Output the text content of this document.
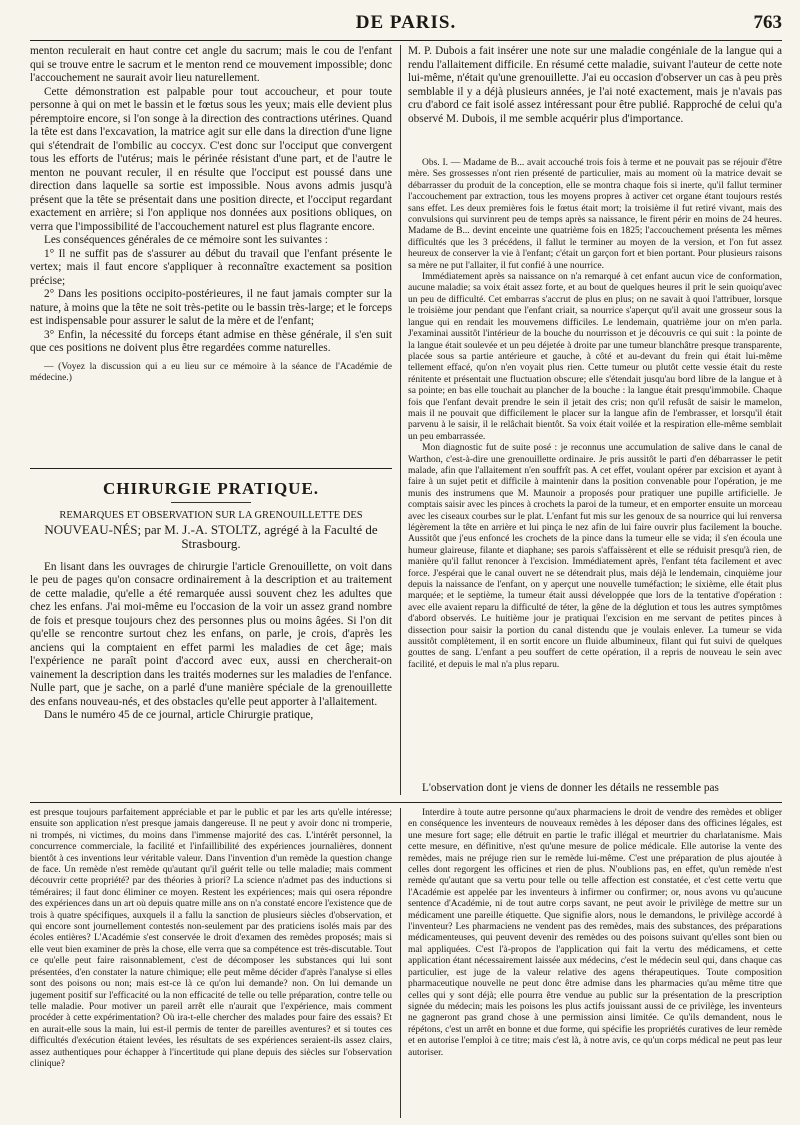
DE PARIS.	763

menton reculerait en haut contre cet angle du sacrum; mais le cou de l'enfant qui se trouve entre le sacrum et le menton rend ce mouvement impossible; donc l'accouchement ne saurait avoir lieu naturellement.

Cette démonstration est palpable pour tout accoucheur, et pour toute personne à qui on met le bassin et le fœtus sous les yeux; mais elle devient plus péremptoire encore, si l'on songe à la direction des contractions utérines. Quand la tête est dans l'excavation, la matrice agit sur elle dans la direction d'une ligne qui s'étendrait de l'ombilic au coccyx. C'est donc sur l'occiput que convergent tous les efforts de l'utérus; mais le périnée résistant d'une part, et de l'autre le menton ne pouvant reculer, il en résulte que l'occiput est poussé dans une direction dans laquelle sa sortie est impossible. Nous avons admis jusqu'à présent que la tête se présentait dans une position directe, et l'occiput regardant exactement en arrière; si l'on applique nos données aux positions obliques, on verra que l'impossibilité de l'accouchement naturel est plus flagrante encore.

Les conséquences générales de ce mémoire sont les suivantes :

1° Il ne suffit pas de s'assurer au début du travail que l'enfant présente le vertex; mais il faut encore s'appliquer à reconnaître exactement sa position précise;

2° Dans les positions occipito-postérieures, il ne faut jamais compter sur la nature, à moins que la tête ne soit très-petite ou le bassin très-large; et le forceps est indispensable pour assurer le salut de la mère et de l'enfant;

3° Enfin, la nécessité du forceps étant admise en thèse générale, il s'en suit que ces positions ne doivent plus être regardées comme naturelles.

— (Voyez la discussion qui a eu lieu sur ce mémoire à la séance de l'Académie de médecine.)

CHIRURGIE PRATIQUE.
REMARQUES ET OBSERVATION SUR LA GRENOUILLETTE DES
NOUVEAU-NÉS; par M. J.-A. STOLTZ, agrégé à la Faculté de Strasbourg.

En lisant dans les ouvrages de chirurgie l'article Grenouillette, on voit dans le peu de pages qu'on consacre ordinairement à la description et au traitement de cette maladie, qu'elle a été remarquée aussi souvent chez les adultes que chez les enfans. J'ai moi-même eu l'occasion de la voir un assez grand nombre de fois et presque toujours chez des personnes plus ou moins âgées. Si l'on dit qu'elle se rencontre surtout chez les enfans, on parle, je crois, d'après les anciens qui la comptaient en effet parmi les maladies de cet âge; mais l'expérience ne paraît point d'accord avec eux, aussi en chercherait-on vainement la description dans les traités modernes sur les maladies de l'enfance. Nulle part, que je sache, on a parlé d'une manière spéciale de la grenouillette des enfans nouveau-nés, et des obstacles qu'elle peut apporter à l'allaitement.

Dans le numéro 45 de ce journal, article Chirurgie pratique,

M. P. Dubois a fait insérer une note sur une maladie congéniale de la langue qui a rendu l'allaitement difficile. En résumé cette maladie, suivant l'auteur de cette note lui-même, n'était qu'une grenouillette. J'ai eu occasion d'observer un cas à peu près semblable il y a déjà plusieurs années, je l'ai noté exactement, mais je n'avais pas cru d'abord ce fait isolé assez intéressant pour être publié. Rapproché de celui qu'a observé M. Dubois, il me semble acquérir plus d'importance.

Obs. I. — Madame de B... avait accouché trois fois à terme et ne pouvait pas se réjouir d'être mère. Ses grossesses n'ont rien présenté de particulier, mais au moment où la matrice devait se débarrasser du produit de la conception, elle se montra chaque fois si inerte, qu'il fallut terminer l'accouchement par extraction, tous les moyens propres à activer cet organe étant toujours restés sans effet. Les deux premières fois le fœtus était mort; la troisième il fut retiré vivant, mais des convulsions qui survinrent peu de temps après sa naissance, le firent périr en moins de 24 heures. Madame de B... devint enceinte une quatrième fois en 1825; l'accouchement présenta les mêmes difficultés que les 3 précédens, il fallut le terminer au moyen de la version, et l'on fut assez heureux de conserver la vie à l'enfant; c'était un garçon fort et bien portant. Pour plusieurs raisons sa mère ne put l'allaiter, il fut confié à une nourrice.

Immédiatement après sa naissance on n'a remarqué à cet enfant aucun vice de conformation, aucune maladie; sa voix était assez forte, et au bout de quelques heures il prit le sein quoiqu'avec un peu de difficulté. Cet embarras s'accrut de plus en plus; on ne savait à quoi l'attribuer, lorsque le troisième jour pendant que l'enfant criait, sa nourrice s'aperçut qu'il avait une grosseur sous la langue qui en rendait les mouvemens difficiles. Le lendemain, quatrième jour on m'en parla. J'examinai aussitôt l'intérieur de la bouche du nourrisson et je découvris ce qui suit : la pointe de la langue était soulevée et un peu déjetée à droite par une tumeur blanchâtre presque transparente, placée sous sa partie antérieure et gauche, à côté et au-devant du frein qui était lui-même tellement effacé, qu'on n'en voyait plus rien. Cette tumeur ou plutôt cette vessie était du reste rénitente et présentait une fluctuation obscure; elle s'étendait jusqu'au bord libre de la langue et à sa pointe; en bas elle touchait au plancher de la bouche : la langue était presqu'immobile. Chaque fois que l'enfant devait prendre le sein il jetait des cris; non qu'il refusât de saisir le mamelon, mais il ne pouvait que difficilement le placer sur la langue afin de l'embrasser, et lorsqu'il était parvenu à le saisir, il le relâchait bientôt. Sa voix était voilée et la respiration elle-même semblait un peu embarrassée.

Mon diagnostic fut de suite posé : je reconnus une accumulation de salive dans le canal de Warthon, c'est-à-dire une grenouillette ordinaire. Je pris aussitôt le parti d'en débarrasser le petit malade, afin que l'allaitement n'en souffrît pas. A cet effet, voulant opérer par excision et ayant à faire à un sujet petit et difficile à maintenir dans la position convenable pour l'opération, je me munis des instrumens que M. Maunoir a proposés pour pratiquer une pupille artificielle. Je comptais saisir avec les pinces à crochets la paroi de la tumeur, et en emporter ensuite un morceau avec les ciseaux courbes sur le plat. L'enfant fut mis sur les genoux de sa nourrice qui lui renversa légèrement la tête en arrière et lui pinça le nez afin de lui faire ouvrir plus facilement la bouche. Aussitôt que j'eus enfoncé les crochets de la pince dans la tumeur elle se vida; il s'en écoula une humeur glaireuse, filante et diaphane; ses parois s'affaissèrent et elle se réduisit presqu'à rien, de manière qu'il fallut renoncer à l'excision. Immédiatement après, l'enfant téta facilement et avec force. J'espérai que le canal ouvert ne se détendrait plus, mais déjà le lendemain, cinquième jour depuis la naissance de l'enfant, on y aperçut une nouvelle tuméfaction; le sixième, elle était plus marquée; et le septième, la tumeur était aussi développée que lors de la tentative d'opération : avec elle avaient reparu la difficulté de téter, la gêne de la déglution et tous les autres symptômes d'abord observés. Le huitième jour je pratiquai l'excision en me servant de petites pinces à dissection pour saisir la portion du canal distendu que je voulais enlever. La tumeur se vida aussitôt complètement, il en sortit encore un fluide albumineux, filant qui fut suivi de quelques gouttes de sang. L'enfant a peu souffert de cette opération, il a repris de nouveau le sein avec facilité, et depuis le mal n'a plus reparu.

L'observation dont je viens de donner les détails ne ressemble pas

est presque toujours parfaitement appréciable et par le public et par les arts qu'elle intéresse; ensuite son application n'est presque jamais dangereuse. Il ne peut y avoir donc ni tromperie, ni trompés, ni victimes, du moins dans l'immense majorité des cas. L'intérêt personnel, la concurrence commerciale, la facilité et l'infaillibilité des expériences journalières, donnent bientôt à ces inventions leur véritable valeur. Dans l'invention d'un remède la question change de face. Un remède n'est remède qu'autant qu'il guérit telle ou telle maladie; mais comment découvrir cette propriété? par des théories à priori? La science n'admet pas des inductions si téméraires; il faut donc éliminer ce moyen. Restent les expériences; mais qui osera répondre des expériences dans un art où depuis quatre mille ans on n'a constaté encore l'existence que de trois à quatre spécifiques, auxquels il a fallu la sanction de plusieurs siècles d'observation, et qui encore sont journellement contestés non-seulement par des praticiens isolés mais par des écoles entières? L'Académie s'est conservée le droit d'examen des remèdes proposés; mais si elle veut bien examiner de près la chose, elle verra que sa compétence est très-discutable. Tout ce qu'elle peut faire raisonnablement, c'est de décomposer les substances qui lui sont présentées, d'en constater la nature chimique; elle peut même décider d'après l'analyse si elles sont des poisons ou non; mais est-ce là ce qu'on lui demande? non. On lui demande un jugement positif sur l'efficacité ou la non efficacité de telle ou telle préparation, contre telle ou telle maladie. Pour motiver un pareil arrêt elle n'aurait que l'expérience, mais comment procéder à cette expérimentation? Où ira-t-elle chercher des malades pour faire des essais? Et en aurait-elle sous la main, lui est-il permis de tenter de pareilles aventures? et si toutes ces difficultés d'exécution étaient levées, les résultats de ses expériences seraient-ils assez clairs, assez authentiques pour échapper à l'incertitude qui plane depuis des siècles sur l'observation clinique?

Interdire à toute autre personne qu'aux pharmaciens le droit de vendre des remèdes et obliger en conséquence les inventeurs de nouveaux remèdes à les déposer dans des officines légales, est une mesure fort sage; elle détruit en partie le trafic illégal et meurtrier du charlatanisme. Mais cette mesure, en définitive, n'est qu'une mesure de police médicale. Elle autorise la vente des remèdes, mais ne préjuge rien sur le remède lui-même. C'est une préparation de plus ajoutée à celles dont regorgent les officines et rien de plus. N'oublions pas, en effet, qu'un remède n'est remède qu'autant que sa vertu pour telle ou telle affection est constatée, et c'est cette vertu que l'Académie est appelée par les inventeurs à infirmer ou confirmer; or, nous avons vu qu'aucune sentence d'Académie, ni de tout autre corps savant, ne peut avoir le privilège de mettre sur un médicament une pareille étiquette. Que signifie alors, nous le demandons, le privilège accordé à l'inventeur? Les pharmaciens ne vendent pas des remèdes, mais des substances, des préparations médicamenteuses, qui peuvent devenir des remèdes ou des poisons suivant qu'elles sont bien ou mal appliquées. C'est l'à-propos de l'application qui fait la vertu des médicamens, et cette application étant nécessairement laissée aux médecins, c'est le médecin seul qui, dans chaque cas particulier, est juge de la valeur relative des agens thérapeutiques. Toute composition pharmaceutique nouvelle ne peut donc être admise dans les pharmacies qu'au même titre que celles qui y sont déjà; elle pourra être vendue au public sur la présentation de la prescription signée du médecin; mais les poisons les plus actifs jouissant aussi de ce privilège, les inventeurs ne gagneront pas grand chose à une permission ainsi limitée. Ce qu'ils demandent, nous le répétons, c'est un arrêt en bonne et due forme, qui spécifie les propriétés curatives de leur remède et en autorise l'emploi à ce titre; mais c'est là, à notre avis, ce qu'un corps médical ne peut pas leur autoriser.
